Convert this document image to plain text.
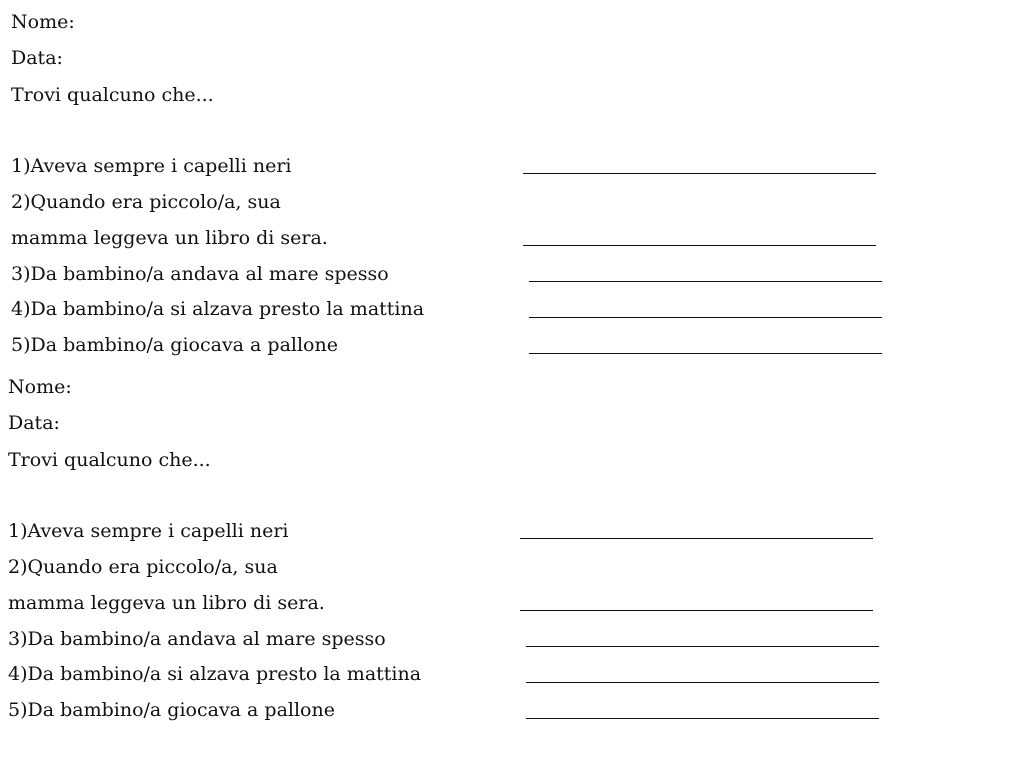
Nome:
Data:
Trovi qualcuno che...
1)Aveva sempre i capelli neri
2)Quando era piccolo/a, sua
mamma leggeva un libro di sera.
3)Da bambino/a andava al mare spesso
4)Da bambino/a si alzava presto la mattina
5)Da bambino/a giocava a pallone
Nome:
Data:
Trovi qualcuno che...
1)Aveva sempre i capelli neri
2)Quando era piccolo/a, sua
mamma leggeva un libro di sera.
3)Da bambino/a andava al mare spesso
4)Da bambino/a si alzava presto la mattina
5)Da bambino/a giocava a pallone
